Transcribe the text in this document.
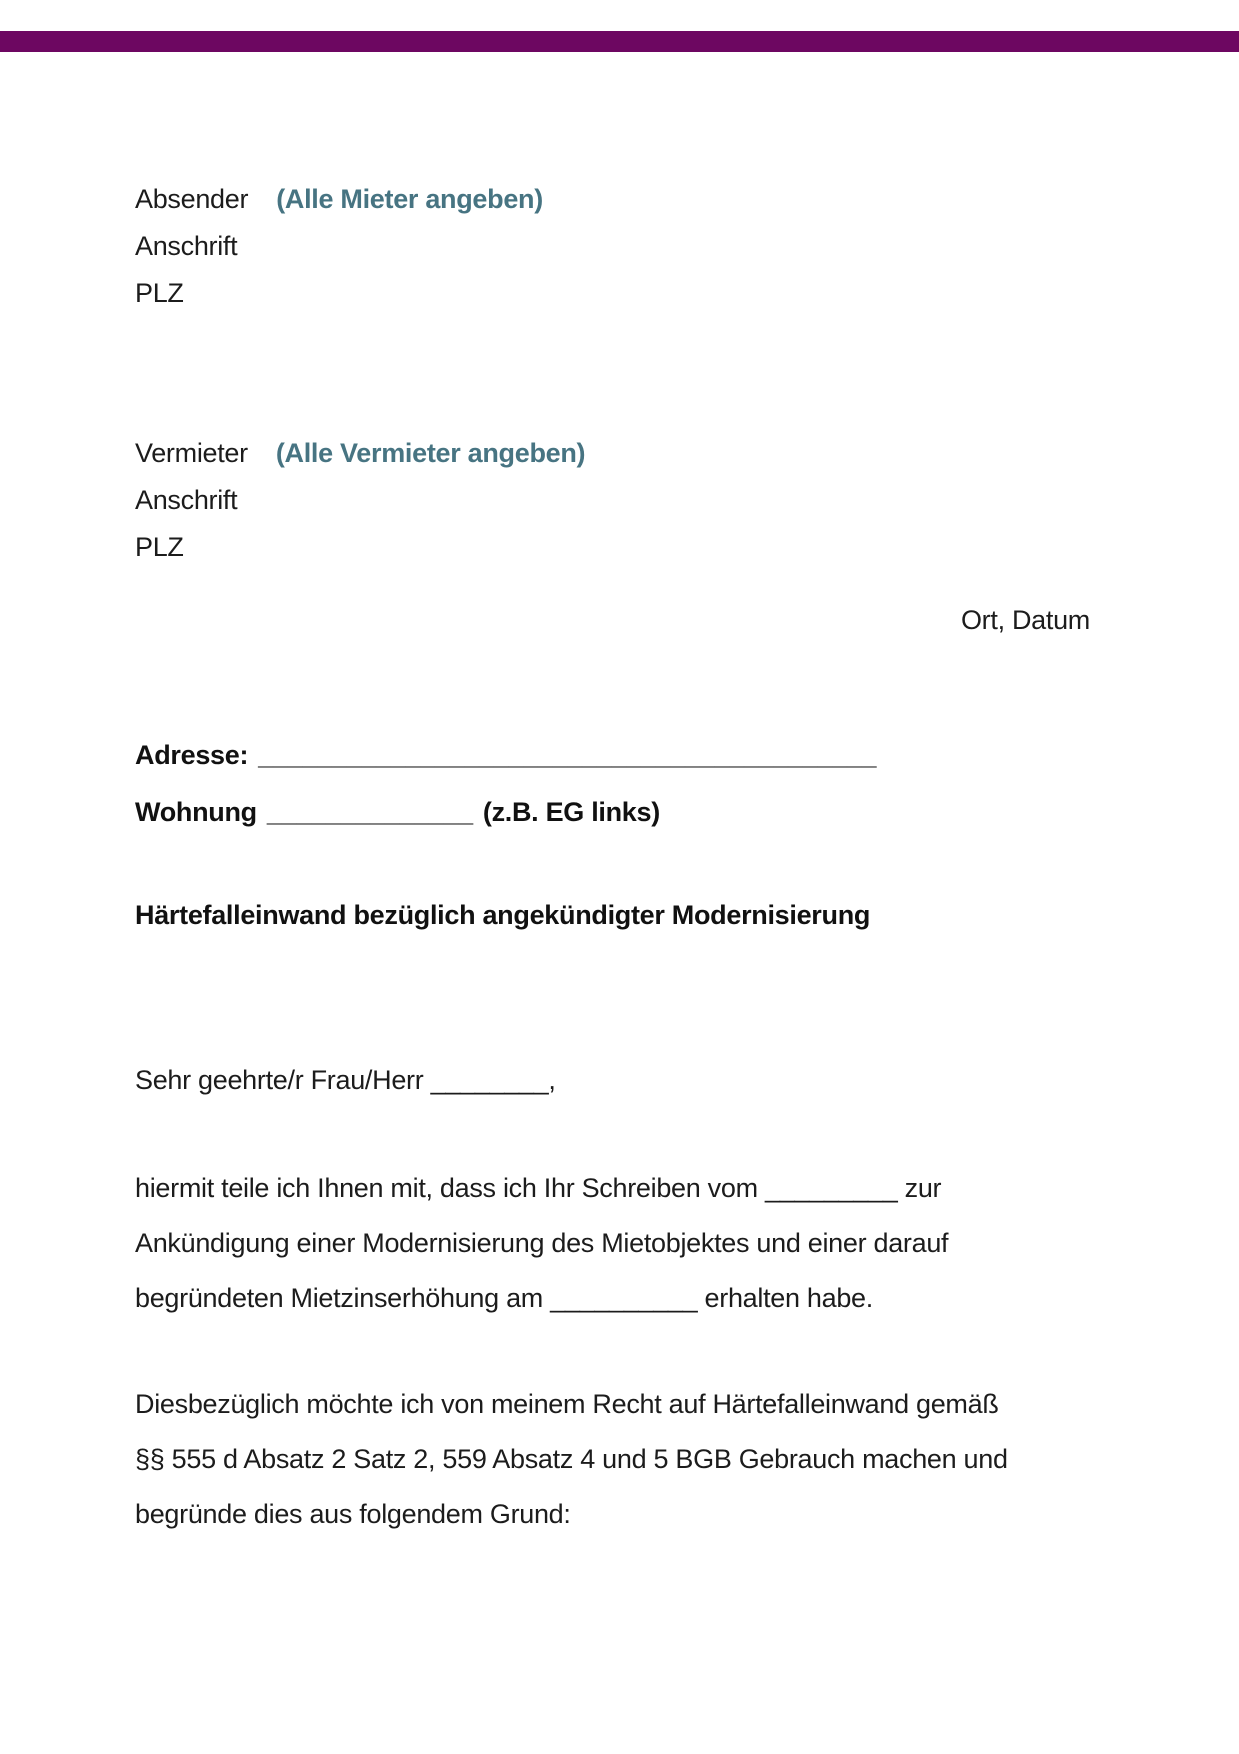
Absender (Alle Mieter angeben)
Anschrift
PLZ
Vermieter (Alle Vermieter angeben)
Anschrift
PLZ
Ort, Datum
Adresse: __________________________________________
Wohnung ______________ (z.B. EG links)
Härtefalleinwand bezüglich angekündigter Modernisierung
Sehr geehrte/r Frau/Herr ________,
hiermit teile ich Ihnen mit, dass ich Ihr Schreiben vom _________ zur
Ankündigung einer Modernisierung des Mietobjektes und einer darauf
begründeten Mietzinserhöhung am __________ erhalten habe.
Diesbezüglich möchte ich von meinem Recht auf Härtefalleinwand gemäß
§§ 555 d Absatz 2 Satz 2, 559 Absatz 4 und 5 BGB Gebrauch machen und
begründe dies aus folgendem Grund:
